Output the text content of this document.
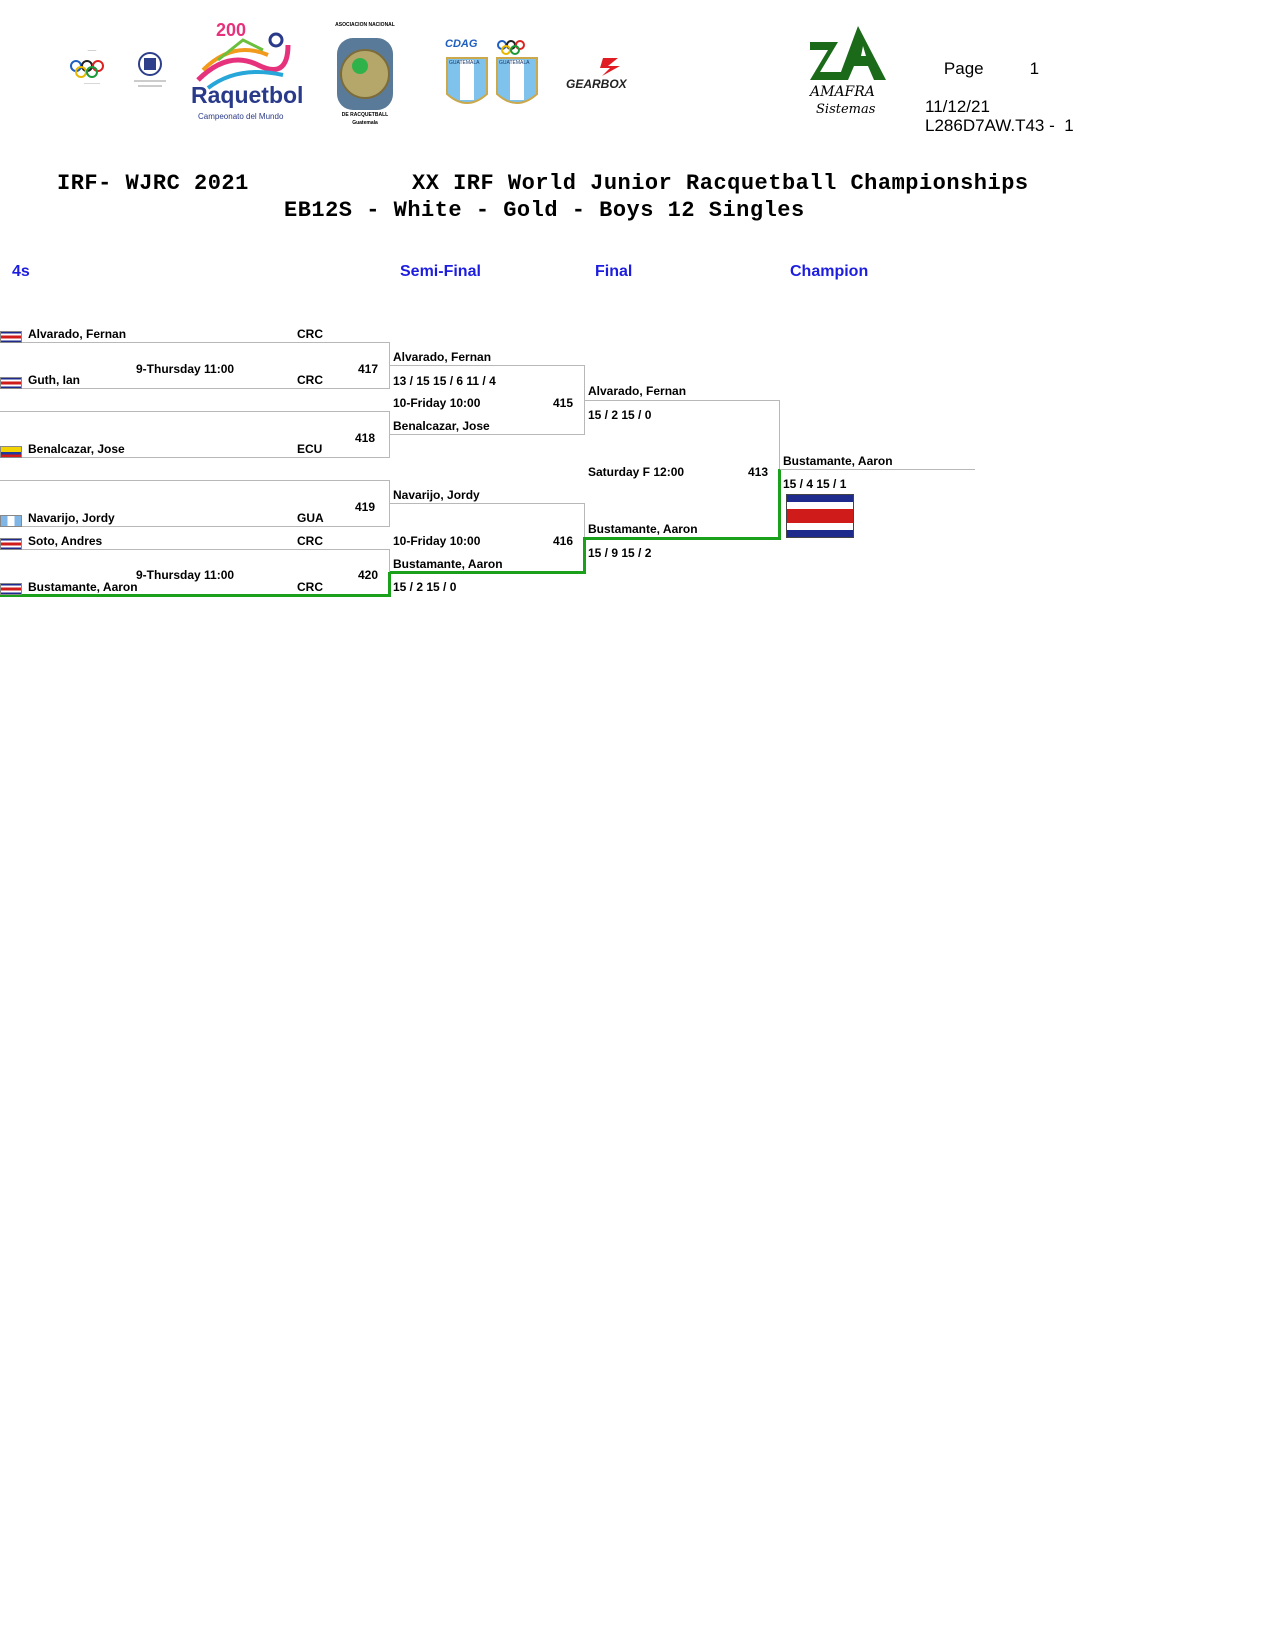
───
————
200
Raquetbol
Campeonato del Mundo
ASOCIACION NACIONAL
DE RACQUETBALL
Guatemala
CDAG
GUATEMALA	GUATEMALA
GEARBOX	AMAFRA
Sistemas

Page	1

11/12/21
L286D7AW.T43 -  1
IRF- WJRC 2021	XX IRF World Junior Racquetball Championships
EB12S - White - Gold - Boys 12 Singles
4s	Semi-Final	Final	Champion
Alvarado, Fernan	CRC
9-Thursday 11:00	417
Guth, Ian	CRC
418
Benalcazar, Jose	ECU
419
Navarijo, Jordy	GUA
Soto, Andres	CRC
9-Thursday 11:00	420
Bustamante, Aaron	CRC
Alvarado, Fernan
13 / 15 15 / 6 11 / 4
10-Friday 10:00	415
Benalcazar, Jose
Navarijo, Jordy
10-Friday 10:00	416
Bustamante, Aaron
15 / 2 15 / 0
Alvarado, Fernan
15 / 2 15 / 0
Saturday F 12:00	413
Bustamante, Aaron
15 / 9 15 / 2
Bustamante, Aaron
15 / 4 15 / 1
